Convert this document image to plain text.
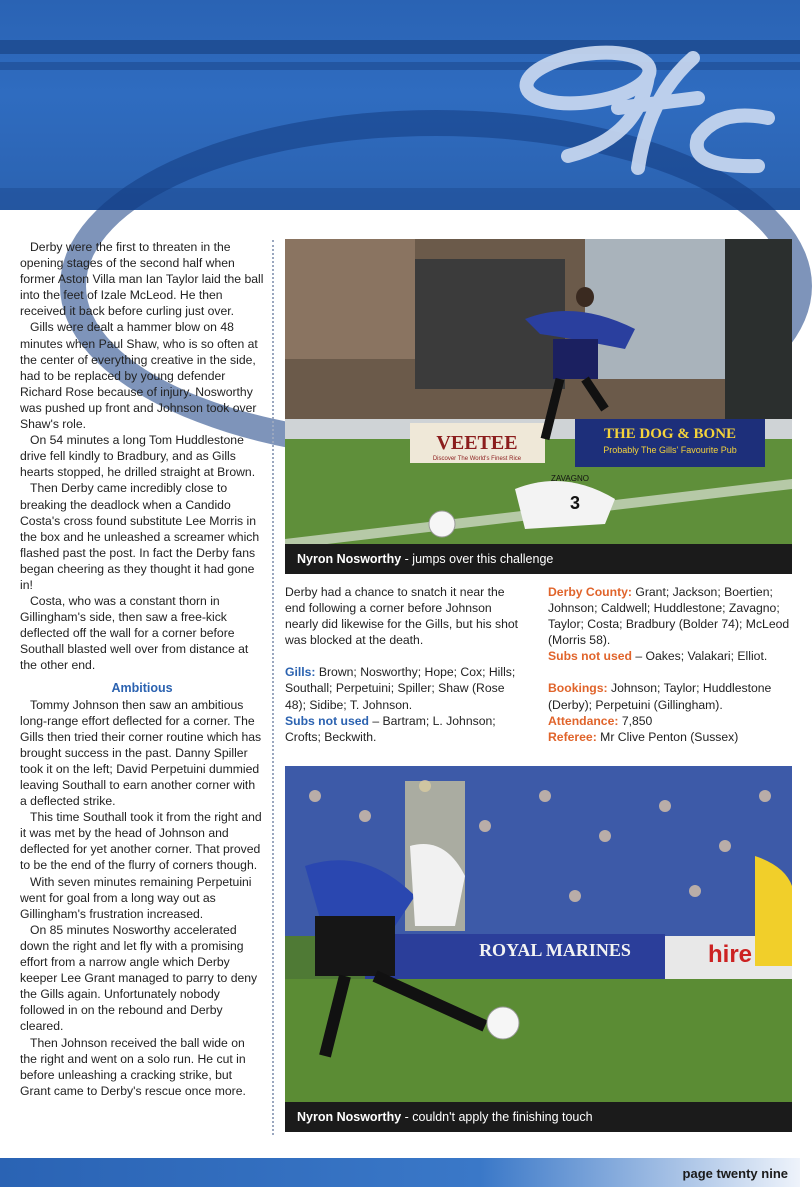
gfc

Derby were the first to threaten in the opening stages of the second half when former Aston Villa man Ian Taylor laid the ball into the feet of Izale McLeod. He then received it back before curling just over.

Gills were dealt a hammer blow on 48 minutes when Paul Shaw, who is so often at the center of everything creative in the side, had to be replaced by young defender Richard Rose because of injury. Nosworthy was pushed up front and Johnson took over Shaw's role.

On 54 minutes a long Tom Huddlestone drive fell kindly to Bradbury, and as Gills hearts stopped, he drilled straight at Brown.

Then Derby came incredibly close to breaking the deadlock when a Candido Costa's cross found substitute Lee Morris in the box and he unleashed a screamer which flashed past the post. In fact the Derby fans began cheering as they thought it had gone in!

Costa, who was a constant thorn in Gillingham's side, then saw a free-kick deflected off the wall for a corner before Southall blasted well over from distance at the other end.

Ambitious

Tommy Johnson then saw an ambitious long-range effort deflected for a corner. The Gills then tried their corner routine which has brought success in the past. Danny Spiller took it on the left; David Perpetuini dummied leaving Southall to earn another corner with a deflected strike.

This time Southall took it from the right and it was met by the head of Johnson and deflected for yet another corner. That proved to be the end of the flurry of corners though.

With seven minutes remaining Perpetuini went for goal from a long way out as Gillingham's frustration increased.

On 85 minutes Nosworthy accelerated down the right and let fly with a promising effort from a narrow angle which Derby keeper Lee Grant managed to parry to deny the Gills again. Unfortunately nobody followed in on the rebound and Derby cleared.

Then Johnson received the ball wide on the right and went on a solo run. He cut in before unleashing a cracking strike, but Grant came to Derby's rescue once more.

VEETEE
Discover The World's Finest Rice
THE DOG & BONE
Probably The Gills' Favourite Pub
3
ZAVAGNO
Nyron Nosworthy - jumps over this challenge

Derby had a chance to snatch it near the end following a corner before Johnson nearly did likewise for the Gills, but his shot was blocked at the death.

Gills: Brown; Nosworthy; Hope; Cox; Hills; Southall; Perpetuini; Spiller; Shaw (Rose 48); Sidibe; T. Johnson.

Subs not used – Bartram; L. Johnson; Crofts; Beckwith.

Derby County: Grant; Jackson; Boertien; Johnson; Caldwell; Huddlestone; Zavagno; Taylor; Costa; Bradbury (Bolder 74); McLeod (Morris 58).

Subs not used – Oakes; Valakari; Elliot.

Bookings: Johnson; Taylor; Huddlestone (Derby); Perpetuini (Gillingham).

Attendance: 7,850

Referee: Mr Clive Penton (Sussex)

ROYAL MARINES	hire
Nyron Nosworthy - couldn't apply the finishing touch
page twenty nine
